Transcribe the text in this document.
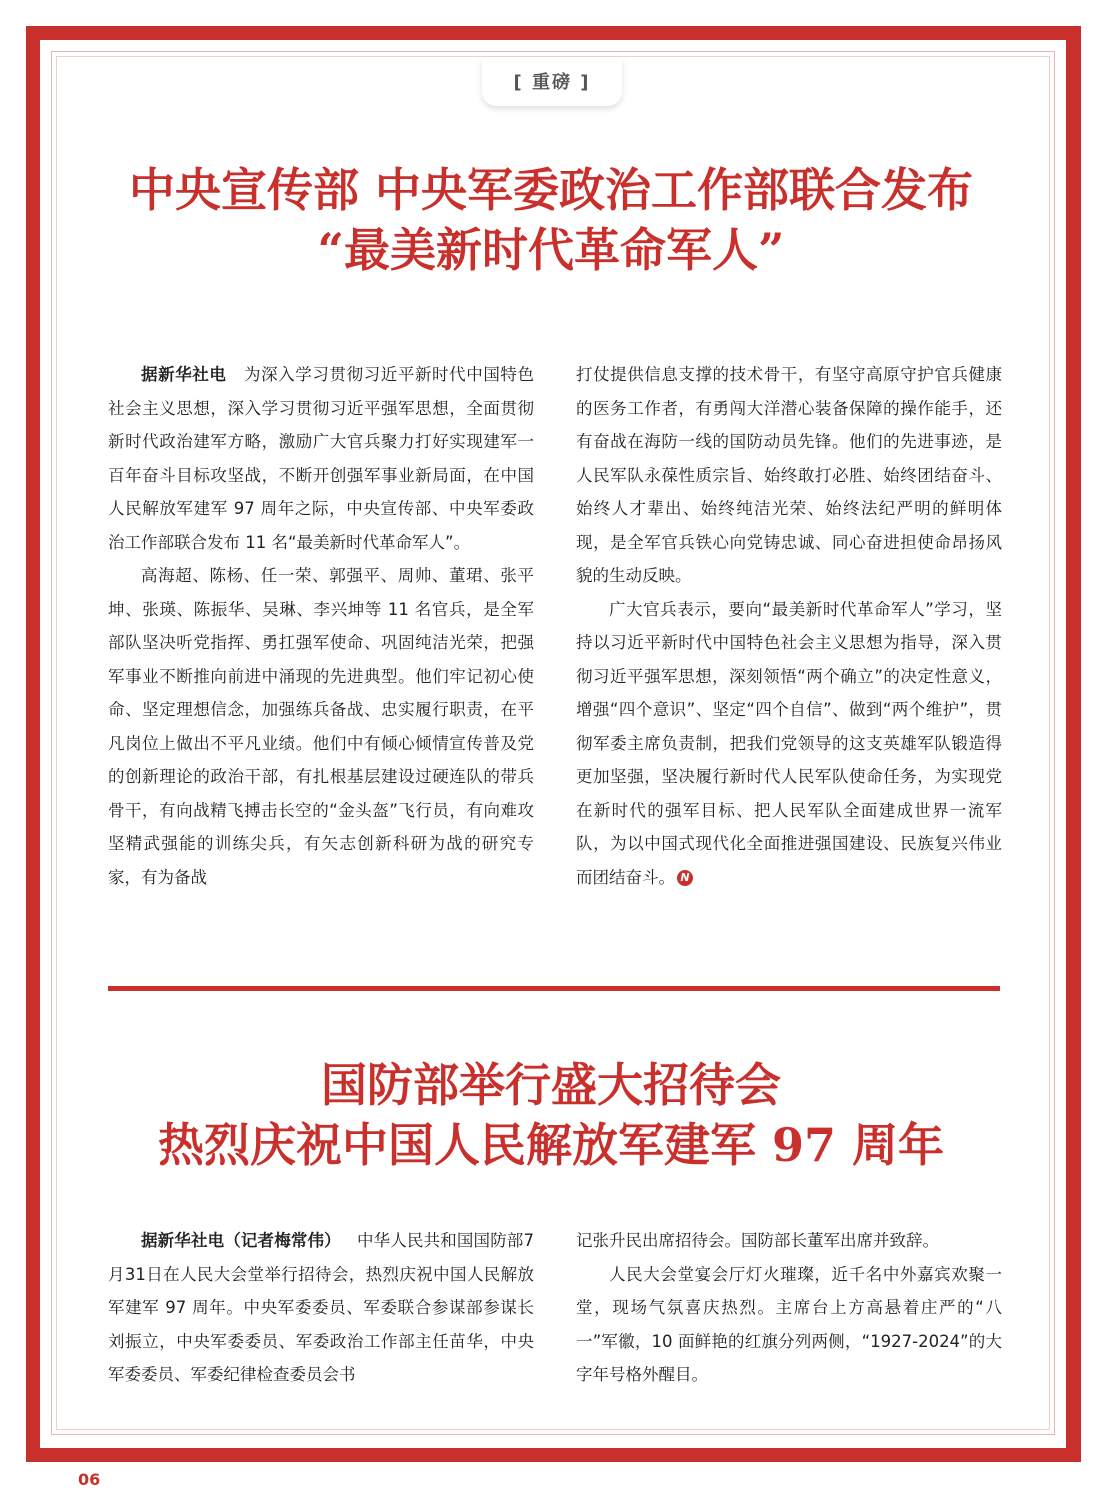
[ 重磅 ]
中央宣传部 中央军委政治工作部联合发布
“最美新时代革命军人”

据新华社电 为深入学习贯彻习近平新时代中国特色社会主义思想，深入学习贯彻习近平强军思想，全面贯彻新时代政治建军方略，激励广大官兵聚力打好实现建军一百年奋斗目标攻坚战，不断开创强军事业新局面，在中国人民解放军建军 97 周年之际，中央宣传部、中央军委政治工作部联合发布 11 名“最美新时代革命军人”。

高海超、陈杨、任一荣、郭强平、周帅、董珺、张平坤、张瑛、陈振华、吴琳、李兴坤等 11 名官兵，是全军部队坚决听党指挥、勇扛强军使命、巩固纯洁光荣，把强军事业不断推向前进中涌现的先进典型。他们牢记初心使命、坚定理想信念，加强练兵备战、忠实履行职责，在平凡岗位上做出不平凡业绩。他们中有倾心倾情宣传普及党的创新理论的政治干部，有扎根基层建设过硬连队的带兵骨干，有向战精飞搏击长空的“金头盔”飞行员，有向难攻坚精武强能的训练尖兵，有矢志创新科研为战的研究专家，有为备战

打仗提供信息支撑的技术骨干，有坚守高原守护官兵健康的医务工作者，有勇闯大洋潜心装备保障的操作能手，还有奋战在海防一线的国防动员先锋。他们的先进事迹，是人民军队永葆性质宗旨、始终敢打必胜、始终团结奋斗、始终人才辈出、始终纯洁光荣、始终法纪严明的鲜明体现，是全军官兵铁心向党铸忠诚、同心奋进担使命昂扬风貌的生动反映。

广大官兵表示，要向“最美新时代革命军人”学习，坚持以习近平新时代中国特色社会主义思想为指导，深入贯彻习近平强军思想，深刻领悟“两个确立”的决定性意义，增强“四个意识”、坚定“四个自信”、做到“两个维护”，贯彻军委主席负责制，把我们党领导的这支英雄军队锻造得更加坚强，坚决履行新时代人民军队使命任务，为实现党在新时代的强军目标、把人民军队全面建成世界一流军队，为以中国式现代化全面推进强国建设、民族复兴伟业而团结奋斗。 N

国防部举行盛大招待会
热烈庆祝中国人民解放军建军 97 周年

据新华社电（记者梅常伟） 中华人民共和国国防部7月31日在人民大会堂举行招待会，热烈庆祝中国人民解放军建军 97 周年。中央军委委员、军委联合参谋部参谋长刘振立，中央军委委员、军委政治工作部主任苗华，中央军委委员、军委纪律检查委员会书

记张升民出席招待会。国防部长董军出席并致辞。

人民大会堂宴会厅灯火璀璨，近千名中外嘉宾欢聚一堂，现场气氛喜庆热烈。主席台上方高悬着庄严的“八一”军徽，10 面鲜艳的红旗分列两侧，“1927-2024”的大字年号格外醒目。

06
